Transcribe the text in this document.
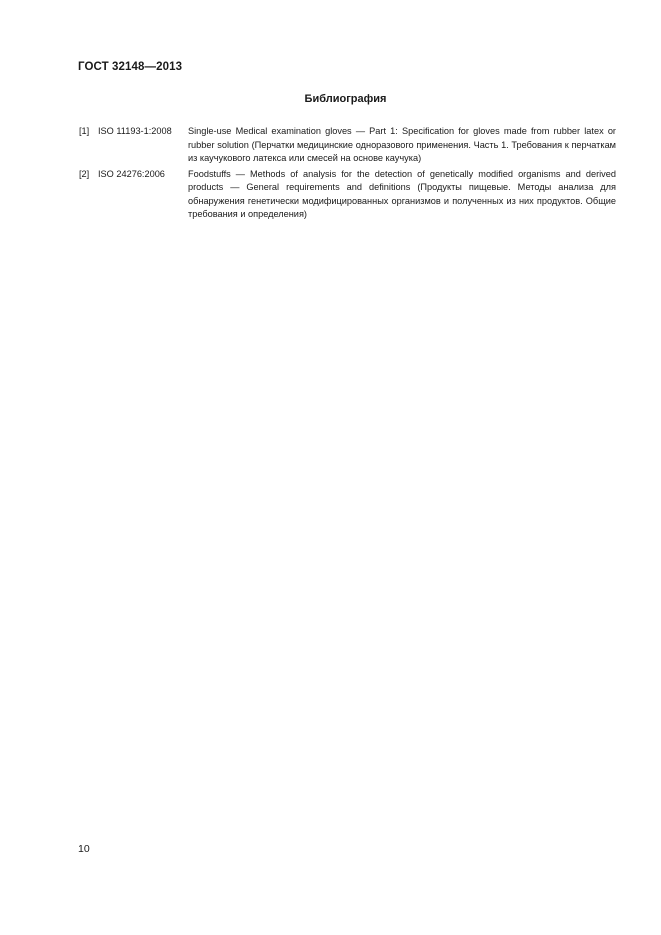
ГОСТ 32148—2013
Библиография
[1] ISO 11193-1:2008	Single-use Medical examination gloves — Part 1: Specification for gloves made from rubber latex or rubber solution (Перчатки медицинские одноразового применения. Часть 1. Требования к перчаткам из каучукового латекса или смесей на основе каучука)
[2] ISO 24276:2006	Foodstuffs — Methods of analysis for the detection of genetically modified organisms and derived products — General requirements and definitions (Продукты пищевые. Методы анализа для обнаружения генетически модифицированных организмов и полученных из них продуктов. Общие требования и определения)
10
